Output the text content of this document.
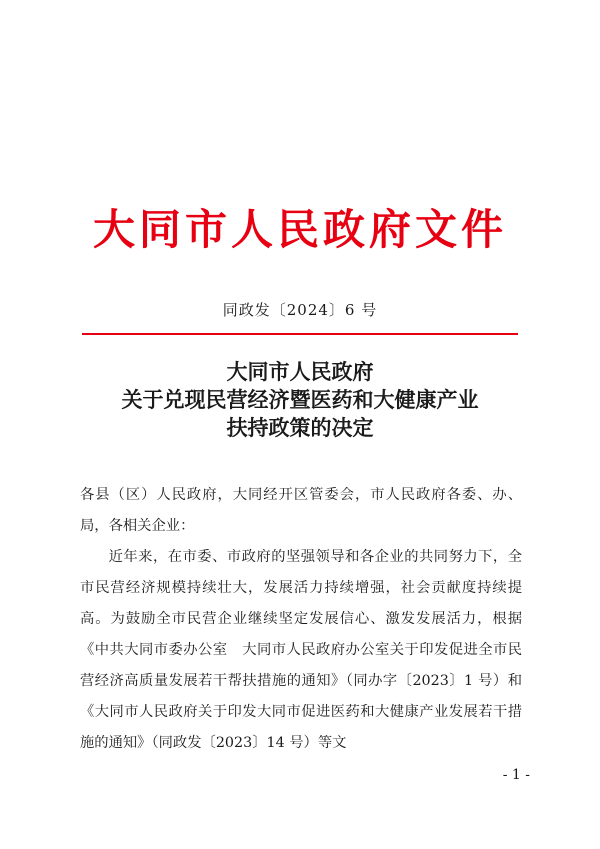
大同市人民政府文件
同政发〔2024〕6 号
大同市人民政府
关于兑现民营经济暨医药和大健康产业
扶持政策的决定

各县（区）人民政府，大同经开区管委会，市人民政府各委、办、局，各相关企业：

近年来，在市委、市政府的坚强领导和各企业的共同努力下，全市民营经济规模持续壮大，发展活力持续增强，社会贡献度持续提高。为鼓励全市民营企业继续坚定发展信心、激发发展活力，根据《中共大同市委办公室　大同市人民政府办公室关于印发促进全市民营经济高质量发展若干帮扶措施的通知》（同办字〔2023〕1 号）和《大同市人民政府关于印发大同市促进医药和大健康产业发展若干措施的通知》（同政发〔2023〕14 号）等文

- 1 -
